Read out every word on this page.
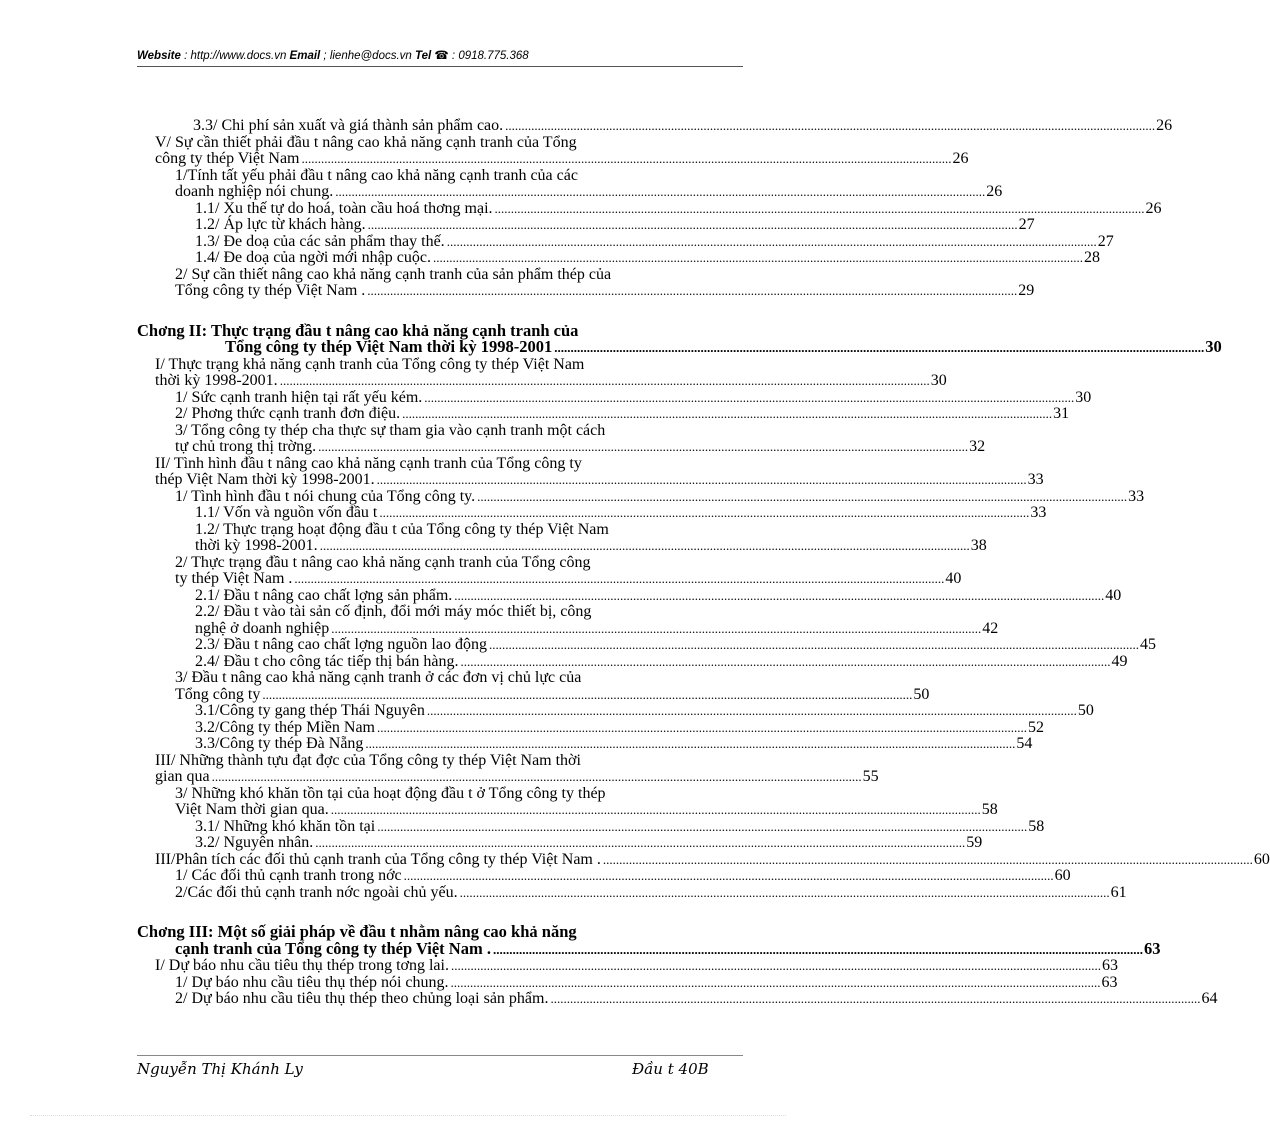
Website : http://www.docs.vn Email ; lienhe@docs.vn Tel ☎ : 0918.775.368
3.3/ Chi phí sản xuất và giá thành sản phẩm cao. ........................................................................................................................................................................................................ 26
V/ Sự cần thiết phải đầu t nâng cao khả năng cạnh tranh của Tổng
công ty thép Việt Nam ........................................................................................................................................................................................................ 26
1/Tính tất yếu phải đầu t nâng cao khả năng cạnh tranh của các
doanh nghiệp nói chung. ........................................................................................................................................................................................................ 26
1.1/ Xu thế tự do hoá, toàn cầu hoá thơng mại. ........................................................................................................................................................................................................ 26
1.2/ Áp lực từ khách hàng. ........................................................................................................................................................................................................ 27
1.3/ Đe doạ của các sản phẩm thay thế. ........................................................................................................................................................................................................ 27
1.4/ Đe doạ của ngời mới nhập cuộc. ........................................................................................................................................................................................................ 28
2/ Sự cần thiết nâng cao khả năng cạnh tranh của sản phẩm thép của
Tổng công ty thép Việt Nam . ........................................................................................................................................................................................................ 29
Chơng II: Thực trạng đầu t nâng cao khả năng cạnh tranh của
Tổng công ty thép Việt Nam thời kỳ 1998-2001 ........................................................................................................................................................................................................ 30
I/ Thực trạng khả năng cạnh tranh của Tổng công ty thép Việt Nam
thời kỳ 1998-2001. ........................................................................................................................................................................................................ 30
1/ Sức cạnh tranh hiện tại rất yếu kém. ........................................................................................................................................................................................................ 30
2/ Phơng thức cạnh tranh đơn điệu. ........................................................................................................................................................................................................ 31
3/ Tổng công ty thép cha thực sự tham gia vào cạnh tranh một cách
tự chủ trong thị trờng. ........................................................................................................................................................................................................ 32
II/ Tình hình đầu t nâng cao khả năng cạnh tranh của Tổng công ty
thép Việt Nam thời kỳ 1998-2001. ........................................................................................................................................................................................................ 33
1/ Tình hình đầu t nói chung của Tổng công ty. ........................................................................................................................................................................................................ 33
1.1/ Vốn và nguồn vốn đầu t ........................................................................................................................................................................................................ 33
1.2/ Thực trạng hoạt động đầu t của Tổng công ty thép Việt Nam
thời kỳ 1998-2001. ........................................................................................................................................................................................................ 38
2/ Thực trạng đầu t nâng cao khả năng cạnh tranh của Tổng công
ty thép Việt Nam . ........................................................................................................................................................................................................ 40
2.1/ Đầu t nâng cao chất lợng sản phẩm. ........................................................................................................................................................................................................ 40
2.2/ Đầu t vào tài sản cố định, đổi mới máy móc thiết bị, công
nghệ ở doanh nghiệp ........................................................................................................................................................................................................ 42
2.3/ Đầu t nâng cao chất lợng nguồn lao động ........................................................................................................................................................................................................ 45
2.4/ Đầu t cho công tác tiếp thị bán hàng. ........................................................................................................................................................................................................ 49
3/ Đầu t nâng cao khả năng cạnh tranh ở các đơn vị chủ lực của
Tổng công ty ........................................................................................................................................................................................................ 50
3.1/Công ty gang thép Thái Nguyên ........................................................................................................................................................................................................ 50
3.2/Công ty thép Miền Nam ........................................................................................................................................................................................................ 52
3.3/Công ty thép Đà Nẵng ........................................................................................................................................................................................................ 54
III/ Những thành tựu đạt đợc của Tổng công ty thép Việt Nam thời
gian qua ........................................................................................................................................................................................................ 55
3/ Những khó khăn tồn tại của hoạt động đầu t ở Tổng công ty thép
Việt Nam thời gian qua. ........................................................................................................................................................................................................ 58
3.1/ Những khó khăn tồn tại ........................................................................................................................................................................................................ 58
3.2/ Nguyên nhân. ........................................................................................................................................................................................................ 59
III/Phân tích các đối thủ cạnh tranh của Tổng công ty thép Việt Nam . ........................................................................................................................................................................................................ 60
1/ Các đối thủ cạnh tranh trong nớc ........................................................................................................................................................................................................ 60
2/Các đối thủ cạnh tranh nớc ngoài chủ yếu. ........................................................................................................................................................................................................ 61
Chơng III: Một số giải pháp về đầu t nhằm nâng cao khả năng
cạnh tranh của Tổng công ty thép Việt Nam . ........................................................................................................................................................................................................ 63
I/ Dự báo nhu cầu tiêu thụ thép trong tơng lai. ........................................................................................................................................................................................................ 63
1/ Dự báo nhu cầu tiêu thụ thép nói chung. ........................................................................................................................................................................................................ 63
2/ Dự báo nhu cầu tiêu thụ thép theo chủng loại sản phẩm. ........................................................................................................................................................................................................ 64
Nguyễn Thị Khánh Ly	Đầu t 40B
